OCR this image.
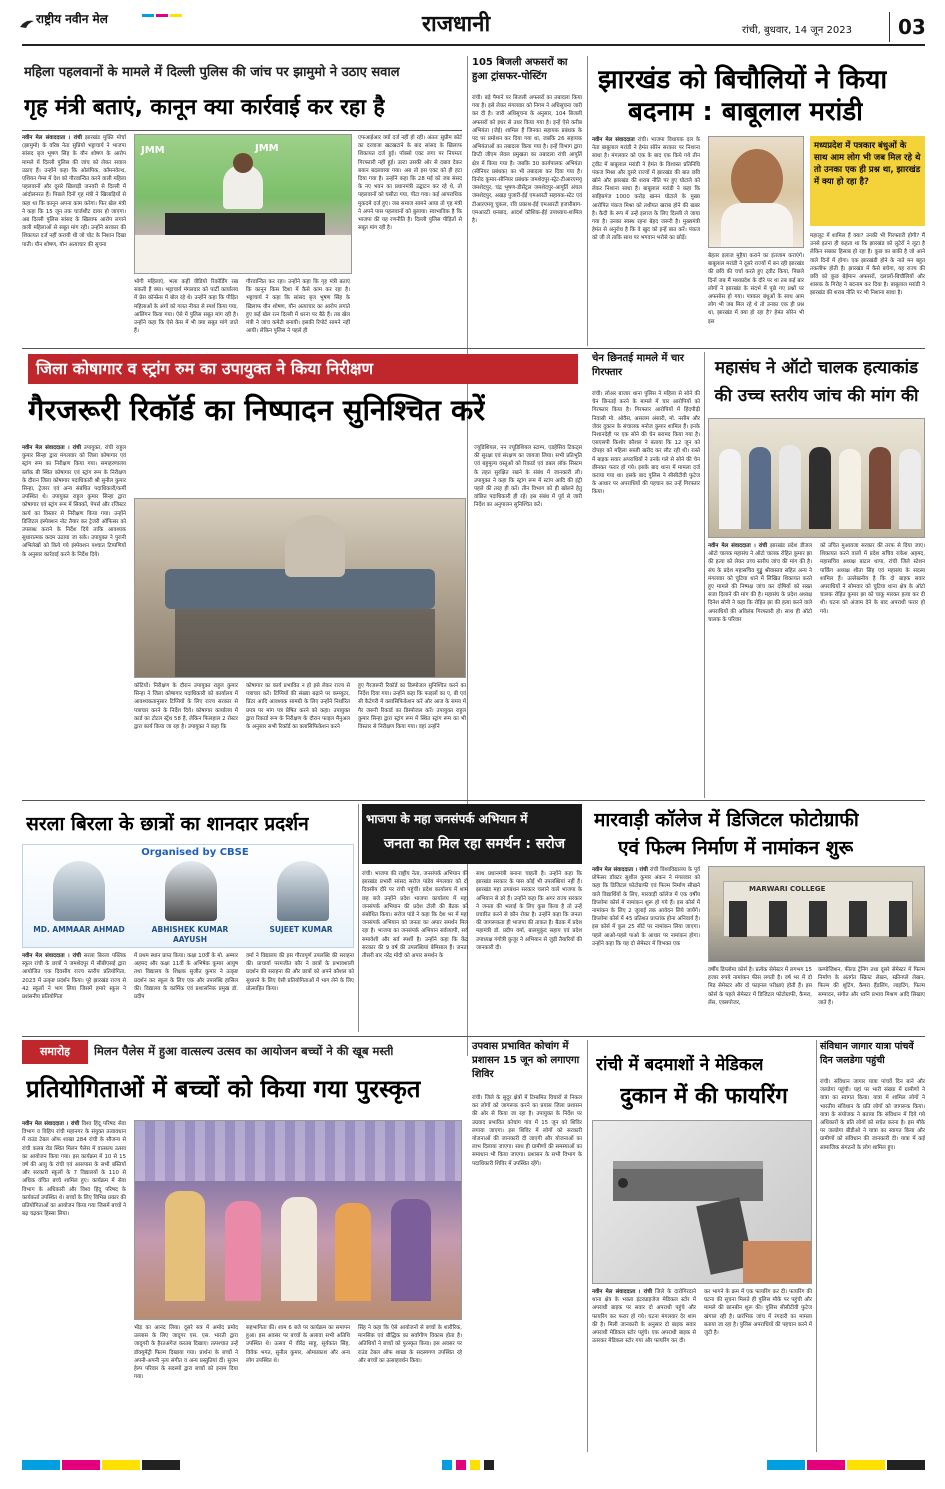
राष्ट्रीय नवीन मेल	राजधानी	रांची, बुधवार, 14 जून 2023 03
महिला पहलवानों के मामले में दिल्ली पुलिस की जांच पर झामुमो ने उठाए सवाल
गृह मंत्री बताएं, कानून क्या कार्रवाई कर रहा है
नवीन मेल संवाददाता । रांची झारखंड मुक्ति मोर्चा (झामुमो) के वरिष्ठ नेता सुप्रियो भट्टाचार्य ने भाजपा सांसद बृज भूषण सिंह के यौन शोषण के आरोप मामले में दिल्ली पुलिस की जांच को लेकर सवाल उठाए हैं। उन्होंने कहा कि ओलंपिक, कॉमनवेल्थ, एशियन गेम्स में देश को गौरवान्वित करने वाली महिला पहलवानों और दूसरे खिलाड़ी जनवरी से दिल्ली में आंदोलनरत हैं। पिछले दिनों गृह मंत्री ने खिलाड़ियों से कहा था कि कानून अपना काम करेगा। फिर खेल मंत्री ने कहा कि 15 जून तक चार्जशीट दायर हो जाएगा। अब दिल्ली पुलिस सांसद के खिलाफ आरोप लगाने वाली महिलाओं से सबूत मांग रही। उन्होंने सरकार की शिकायत दर्ज नहीं करायी थी जो चोट के निशान दिखा पाती। यौन शोषण, यौन अत्याचार की सूचना
JMM	JMM
भोगी महिलाएं, भला कहीं वीडियो रिकॉर्डिंग रख सकती हैं क्या। भट्टाचार्य मंगलवार को पार्टी कार्यालय में प्रेस कॉन्फ्रेंस में बोल रहे थे। उन्होंने कहा कि पीड़ित महिलाओं के अंगों को गलत नीयत से स्पर्श किया गया, आलिंगन किया गया। ऐसे में पुलिस सबूत मांग रही है। उन्होंने कहा कि ऐसे केस में भी क्या सबूत मांगे जाते हैं।
गौरवान्वित कर रहा। उन्होंने कहा कि गृह मंत्री बताएं कि कानून किस दिशा में कैसे काम कर रहा है। भट्टाचार्य ने कहा कि सांसद बृज भूषण सिंह के खिलाफ यौन शोषण, यौन अत्याचार का आरोप लगाते हुए कई खेल रत्न दिल्ली में धरना पर बैठे हैं। तब खेल मंत्री ने जांच कमेटी बनायी। इसकी रिपोर्ट सामने नहीं आयी। लेकिन पुलिस ने पहले ही
एफआईआर क्यों दर्ज नहीं हो रही। अंततः सुप्रीम कोर्ट का दरवाजा खटखटाने के बाद सांसद के खिलाफ शिकायत दर्ज हुई। पॉक्सो एक्ट लगा पर नियमतः गिरफ्तारी नहीं हुई। उल्टा उसकी ओर से दबाव देकर बयान बदलवाया गया। अब तो इस एक्ट को ही हटा दिया गया है। उन्होंने कहा कि 28 मई को जब संसद के नए भवन का प्रधानमंत्री उद्घाटन कर रहे थे, तो पहलवानों को घसीटा गया, पीटा गया। कई आपराधिक मुकदमे दर्ज हुए। जब समाज सामने आया तो गृह मंत्री ने अपने पास पहलवानों को बुलाया। स्वाभाविक है कि भाजपा की यह रणनीति है। दिल्ली पुलिस पीड़ितों से सबूत मांग रही है।
105 बिजली अफसरों का हुआ ट्रांसफर-पोस्टिंग
रांची। बड़े पैमाने पर बिजली अफसरों का तबादला किया गया है। इसे लेकर मंगलवार को निगम ने अधिसूचना जारी कर दी है। जारी अधिसूचना के अनुसार, 104 बिजली अफसरों को इधर से उधर किया गया है। इन्हें ऐसे करीब अभियंता (जेई) शामिल हैं जिनका सहायक प्रबंधक के पद पर प्रमोशन कर दिया गया था, जबकि 26 सहायक अभियंताओं का तबादला किया गया है। इन्हें विभाग द्वारा डिप्टी जीएम लेवल प्रमुखता का तबादला रांची आपूर्ति क्षेत्र में किया गया है। जबकि 30 कार्यपालक अभियंता (सीनियर प्रबंधक) का भी तबादला कर दिया गया है। विनोद कुमार-सीनियर प्रबंधक जमशेदपुर-स्ट्रेट-टीआरएमयू जमशेदपुर, चंद्र भूषण-डीसेंट्रल जमशेदपुर-आपूर्ति अंचल जमशेदपुर, अखड़ पुजारी-ईई एमआरटी सहायक-स्टेट एवं टीआरएमयू चुकल, रवि प्रकाश-ईई एमआरटी हजारीबाग-एमआरटी धनबाद, आदर्श कौशिक-ईई उपाध्याय-शामिल है।
झारखंड को बिचौलियों ने किया
बदनाम : बाबूलाल मरांडी
नवीन मेल संवाददाता रांची। भाजपा विधायक दल के नेता बाबूलाल मरांडी ने हेमंत सोरेन सरकार पर निशाना साधा है। मंगलवार को एक के बाद एक किये गये तीन ट्वीट में बाबूलाल मरांडी ने हेमंत के विश्वस्त प्रतिनिधि पंकज मिश्रा और दूसरे राज्यों में झारखंड की बात छवि खोने और झारखंड की शराब नीति पर हुए घोटाले को लेकर निशाना साधा है। बाबूलाल मरांडी ने कहा कि साहिबगंज 1000 करोड़ खनन घोटाले के मुख्य आरोपित पंकज मिश्रा को तथीयत खराब होने की खबर है। कैदी के रूप में उन्हें इलाज के लिए दिल्ली ले जाया गया है। उनका स्वस्थ रहना बेहद जरूरी है। मुख्यमंत्री हेमंत से अनुरोध है कि वे खुद को इन्हें बात करें। पंकज को जी ले ताकि साथ पर भगवान भरोसे का छोड़ें।
मध्यप्रदेश में पत्रकार बंधुओं के साथ आम लोग भी जब मिल रहे थे तो उनका एक ही प्रश्न था, झारखंड में क्या हो रहा है?
बेहतर इलाज मुहैया कराने का इंतजाम कराएंगे। बाबूलाल मरांडी ने दूसरे राज्यों में बन रही झारखंड की छवि की चर्चा करते हुए ट्वीट किया, पिछले दिनों जब मैं मध्यप्रदेश के दौरे पर था तब कई बार लोगों ने झारखंड के संदर्भ में पूछे गए प्रश्नों पर अफसोस हो गया। पत्रकार बंधुओं के साथ आम लोग भी जब मिल रहे थे तो उनका एक ही प्रश्न था, झारखंड में क्या हो रहा है? हेमंत सोरेन भी इस
महालूट में शामिल हैं क्या? उनकी भी गिरफ्तारी होगी? मैं उनसे इतना ही कहता था कि झारखंड को लुटेरों ने लूटा है लेकिन सबका हिसाब हो रहा है। कुछ का बाकी है जो आने वाले दिनों में होगा। एक झारखंडी होने के नाते मन बहुत तकलीफ होती है। झारखंड में कैसे बचेगा, यह राज्य की छवि को कुछ बेईमान अफसरों, दलालों-बिचौलियों और शासक के गिरोह ने बदनाम कर दिया है। बाबूलाल मरांडी ने झारखंड की शराब नीति पर भी निशाना साधा है।
जिला कोषागार व स्ट्रांग रुम का उपायुक्त ने किया निरीक्षण
गैरजरूरी रिकॉर्ड का निष्पादन सुनिश्चित करें
नवीन मेल संवाददाता । रांची उपायुक्त, रांची राहुल कुमार सिन्हा द्वारा मंगलवार को जिला कोषागार एवं स्ट्रांग रूम का निरीक्षण किया गया। समाहरणालय ब्लॉक बी स्थित कोषागार एवं स्ट्रांग रूम के निरीक्षण के दौरान जिला कोषागार पदाधिकारी श्री सुनील कुमार सिन्हा, ट्रेजरर एवं अन्य संबंधित पदाधिकारी/कर्मी उपस्थित थे। उपायुक्त राहुल कुमार सिन्हा द्वारा कोषागार एवं स्ट्रांग रूम में सिक्कों, पेपर्स और रजिस्टर कार्य का विस्तार से निरीक्षण किया गया। उन्होंने डिजिटल इंस्पेक्शन नोट तैयार कर ट्रेजरी ऑफिसर को उपलब्ध कराने के निर्देश दिये ताकि आवश्यक सुधारात्मक कदम उठाया जा सके। उपायुक्त ने पुरानी अभिलेखों को किये गये इंस्पेक्शन पश्चात टिप्पणियों के अनुसार कार्रवाई करने के निर्देश दिये।
कोटियों। निरीक्षण के दौरान उपायुक्त राहुल कुमार सिन्हा ने जिला कोषागार पदाधिकारी को कार्यालय में आवश्यकतानुसार टिप्पियों के लिए राज्य सरकार से पत्राचार करने के निर्देश दिये। कोषागार कार्यालय में कार्ड का टोटल स्ट्रेंथ 58 है, लेकिन फिलहाल 2 रोस्टर द्वारा कार्य किया जा रहा है। उपायुक्त ने कहा कि
कोषागार का कार्य प्रभावित न हो इसे लेकर राज्य से पत्राचार करें। टिप्पियों की संख्या बढ़ाने पर कम्प्यूटर, प्रिंटर आदि आवश्यक सामग्री के लिए उन्होंने निर्धारित प्रपत्र पर मांग पत्र प्रेषित करने को कहा। उपायुक्त द्वारा रिकार्ड रूम के निरीक्षण के दौरान फाइल मैनुअल के अनुसार सभी रिकॉर्ड का क्लासिफिकेशन करने
हुए गैरजरूरी रिकॉर्ड का डिस्पोजल सुनिश्चित करने का निर्देश दिया गया। उन्होंने कहा कि फाइलों का ए, बी एवं सी कैटेगरी में क्लासिफिकेशन करें और आज के समय में गैर जरूरी रिकार्ड का डिस्पोजल करें। उपायुक्त राहुल कुमार सिन्हा द्वारा स्ट्रांग रूम में स्थित स्ट्रांग रूम का भी विस्तार से निरीक्षण किया गया। वहां उन्होंने
ज्यूडिशियल, नन ज्यूडिशियल स्टाम्प, एडहेसिव टिकट्स की सुरक्षा एवं संरक्षण का जायजा लिया। सभी प्रतिभूति एवं बहुमूल्य वस्तुओं को रिकार्ड एवं डबल लॉक सिस्टम के तहत सुरक्षित रखने के संबंध में जानकारी ली। उपायुक्त ने कहा कि स्ट्रांग रूम में स्टांप आदि की इंट्री पहले की तरह ही करें। तीन विभाग को ही खोलने हेतु वांछित पदाधिकारी ही रहें। इस संबंध में पूर्व से जारी निर्देश का अनुपालन सुनिश्चित करें।
चेन छिनतई मामले में चार गिरफ्तार
रांची। लोअर बाजार थाना पुलिस ने महिला से सोने की चेन छिनतई करने के मामले में चार आरोपियों को गिरफ्तार किया है। गिरफ्तार आरोपियों में हिंदपीढ़ी निवासी मो. ओवैस, असलम अंसारी, मो. नसीम और जेवर दुकान के संचालक मनोज कुमार शामिल हैं। इनके निशानदेही पर एक सोने की चेन बरामद किया गया है। एसएसपी किशोर कौशल ने बताया कि 12 जून को दोपहर को महिला सब्जी खरीद कर लौट रही थी। रास्ते में बाइक सवार अपराधियों ने उनके गले से सोने की चेन छीनकर फरार हो गये। इसके बाद थाना में मामला दर्ज कराया गया था। इसके बाद पुलिस ने सीसीटीवी फुटेज के आधार पर अपराधियों की पहचान कर उन्हें गिरफ्तार किया।
महासंघ ने ऑटो चालक हत्याकांड की उच्च स्तरीय जांच की मांग की
नवीन मेल संवाददाता । रांची झारखंड प्रदेश डीजल ऑटो चालक महासंघ ने ऑटो चालक रोहित कुमार झा की हत्या को लेकर उच्च स्तरीय जांच की मांग की है। संघ के प्रदेश महासचिव गुड्डु श्रीवास्तव सहित अन्य ने मंगलवार को चुटिया थाने में लिखित शिकायत करते हुए मामले की निष्पक्ष जांच कर दोषियों को सख्त सजा दिलाने की मांग की है। महासंघ के प्रदेश अध्यक्ष दिनेश सोनी ने कहा कि रोहित झा की हत्या करने वाले अपराधियों की अविलंब गिरफ्तारी हो। साथ ही ऑटो चालक के परिवार
को उचित मुआवजा सरकार की तरफ से दिया जाए। शिकायत करने वालों में प्रदेश सचिव राकेश अहमद, महासचिव अध्यक्ष बाटल थापा, रांची जिले स्टेशन पार्किंग अध्यक्ष शीता सिंह एवं महासंघ के सदस्य शामिल हैं। उल्लेखनीय है कि दो बाइक सवार अपराधियों ने सोमवार को चुटिया थाना क्षेत्र के ऑटो चालक रोहित कुमार झा को चाकू मारकर हत्या कर दी थी। घटना को अंजाम देने के बाद अपराधी फरार हो गये।
सरला बिरला के छात्रों का शानदार प्रदर्शन
Organised by CBSE
MD. AMMAAR AHMAD	ABHISHEK KUMAR AAYUSH
SUJEET KUMAR
नवीन मेल संवाददाता । रांची सरला बिरला पब्लिक स्कूल रांची के छात्रों ने जमशेदपुर में सीबीएसई द्वारा आयोजित एक दिवसीय राज्य स्तरीय प्रतियोगिता, 2023 में उत्कृष्ट प्रदर्शन किया। पूरे झारखंड राज्य से 42 स्कूलों ने भाग लिया जिसमें हमारे स्कूल ने प्रशंसनीय प्रतियोगिता
में प्रथम स्थान प्राप्त किया। कक्षा 10वीं के मो. अम्मार अहमद और कक्षा 11वीं के अभिषेक कुमार आयुष तथा विद्यालय के शिक्षक सुजीत कुमार ने उत्कृष्ट प्रदर्शन कर स्कूल के लिए एक और उपलब्धि हासिल की। विद्यालय के कार्मिक एवं प्रशासनिक प्रमुख डॉ. प्रदीप
वर्मा ने विद्यालय की इस गौरवपूर्ण उपलब्धि की सराहना की। प्राचार्या परमजीत कौर ने छात्रों के प्रभावशाली प्रदर्शन की सराहना की और छात्रों को अपने कौशल को सुधारने के लिए ऐसी प्रतियोगिताओं में भाग लेने के लिए प्रोत्साहित किया।
भाजपा के महा जनसंपर्क अभियान में
जनता का मिल रहा समर्थन : सरोज
रांची। भाजपा की राष्ट्रीय नेता, जनसंपर्क अभियान की झारखंड प्रभारी सांसद सरोज पांडेय मंगलवार को दो दिवसीय दौरे पर रांची पहुंचीं। प्रदेश कार्यालय में शाम छह बजे उन्होंने प्रदेश भाजपा कार्यालय में महा जनसंपर्क अभियान की प्रदेश टोली की बैठक को संबोधित किया। सरोज पांडे ने कहा कि देश भर में महा जनसंपर्क अभियान को जनता का अपार समर्थन मिल रहा है। भाजपा का जनसंपर्क अभियान सर्वव्यापी, सर्व समावेशी और सर्व स्पर्शी है। उन्होंने कहा कि केंद्र सरकार की 9 वर्ष की उपलब्धियां बेमिसाल हैं। जनता तीसरी बार नरेंद्र मोदी को अपार समर्थन के
साथ प्रधानमंत्री बनाना चाहती है। उन्होंने कहा कि झारखंड सरकार के पास कोई भी उपलब्धियां नहीं हैं। झारखंड महा ठगबंधन सरकार चलाने वाले भाजपा के अभियान से डरे हैं। उन्होंने कहा कि अगर राज्य सरकार ने जनता की भलाई के लिए कुछ किया है तो उन्हें प्रचारित करने से कौन रोका है। उन्होंने कहा कि जनता की जागरूकता ही भाजपा की ताकत है। बैठक में प्रदेश महामंत्री डॉ. प्रदीप वर्मा, बालमुकुंद सहाय एवं प्रदेश उपाध्यक्ष गंगोत्री कुजूर ने अभियान से जुड़ी तैयारियों की जानकारी दी।
मारवाड़ी कॉलेज में डिजिटल फोटोग्राफी
एवं फिल्म निर्माण में नामांकन शुरू
नवीन मेल संवाददाता । रांची रांची विश्वविद्यालय के पूर्व प्रोफेसर डॉक्टर सुशील कुमार अंकन ने मंगलवार को कहा कि डिजिटल फोटोग्राफी एवं फिल्म निर्माण सीखने वाले विद्यार्थियों के लिए, मारवाड़ी कॉलेज में एक वर्षीय डिप्लोमा कोर्स में नामांकन शुरू हो गये हैं। इस कोर्स में नामांकन के लिए 2 जुलाई तक आवेदन लिये जायेंगे। डिप्लोमा कोर्स में 45 प्रतिशत प्राप्तांक होना अनिवार्य है। इस कोर्स में कुल 25 सीटें पर नामांकन लिया जाएगा। पहले आओ-पहले पाओ के आधार पर नामांकन होगा। उन्होंने कहा कि यह दो सेमेस्टर में विभक्त एक
MARWARI COLLEGE
वर्षीय डिप्लोमा कोर्स है। प्रत्येक सेमेस्टर में लगभग 15 हजार रुपये नामांकन फीस लगती है। वर्ष भर में दो मिड सेमेस्टर और दो फाइनल परीक्षाएं होती हैं। इस कोर्स के पहले सेमेस्टर में डिजिटल फोटोग्राफी, कैमरा, लेंस, एक्सपोजर,
कम्पोजिशन, फील्ड ट्रेनिंग तथा दूसरे सेमेस्टर में फिल्म निर्माण के अंतर्गत स्क्रिप्ट लेखन, स्क्रीनप्ले लेखन, फिल्म की शूटिंग, कैमरा हैंडलिंग, लाइटिंग, फिल्म सम्पादन, संगीत और ध्वनि प्रभाव मिश्रण आदि सिखाए जाते हैं।
समारोह	मिलन पैलेस में हुआ वात्सल्य उत्सव का आयोजन बच्चों ने की खूब मस्ती
प्रतियोगिताओं में बच्चों को किया गया पुरस्कृत
नवीन मेल संवाददाता । रांची विश्व हिंदू परिषद सेवा विभाग व विहिप रांची महानगर के संयुक्त तत्वावधान में राउंड टेबल ऑफ शाखा 284 रांची के सौजन्य से रांची कलब रोड स्थित मिलन पैलेस में वात्सल्य उत्सव का आयोजन किया गया। इस कार्यक्रम में 10 से 15 वर्ष की आयु के रांची एवं आसपास के सभी बस्तियों और सरकारी स्कूलों के 7 विद्यालयों के 110 से अधिक वंचित बच्चे शामिल हुए। कार्यक्रम में सेवा विभाग के अधिकारी और विश्व हिंदू परिषद के कार्यकर्ता उपस्थित थे। बच्चों के लिए विभिन्न प्रकार की प्रतियोगिताओं का आयोजन किया गया जिसमें बच्चों ने बढ़ चढ़कर हिस्सा लिया।
भीड़ का आनंद लिया। दूसरे सत्र में अमोद प्रमोद उल्लास के लिए जादूगर एस. एस. भारती द्वारा जादूगरी के हैरतअंगेज करतब दिखाए। तत्पश्चात उन्हें डॉक्यूमेंट्री फिल्म दिखाया गया। प्रार्थना के बच्चों ने अपनी-अपनी नृत्य संगीत व अन्य प्रस्तुतियां दीं। सुजन हेल्प परिवार के सदस्यों द्वारा बच्चों को इनाम दिया गया।
सहभागिता की। शाम 6 बजे पर कार्यक्रम का समापन हुआ। इस अवसर पर बच्चों के अलावा सभी अतिथि उपस्थित थे। उत्सव में वीरेंद्र साहू, सूर्यकांत सिंह, विवेक भगत, सुनील कुमार, ओमप्रकाश और अन्य लोग उपस्थित थे।
सिंह ने कहा कि ऐसे आयोजनों से बच्चों के शारीरिक, मानसिक एवं बौद्धिक का सर्वांगीण विकास होता है। अतिथियों ने बच्चों को पुरस्कृत किया। इस अवसर पर राउंड टेबल ऑफ शाखा के सदस्यगण उपस्थित रहे और बच्चों का उत्साहवर्धन किया।
उपवास प्रभावित कोचांग में प्रशासन 15 जून को लगाएगा शिविर
रांची। जिले के सुदूर क्षेत्रों में टिम्बमित विचारों से निकल कर लोगों को जागरूक करने का प्रयास जिला प्रशासन की ओर से किया जा रहा है। उपायुक्त के निर्देश पर उग्रवाद प्रभावित कोचांग गांव में 15 जून को शिविर लगाया जाएगा। इस शिविर में लोगों को सरकारी योजनाओं की जानकारी दी जाएगी और योजनाओं का लाभ दिलाया जाएगा। साथ ही ग्रामीणों की समस्याओं का समाधान भी किया जाएगा। प्रशासन के सभी विभाग के पदाधिकारी शिविर में उपस्थित रहेंगे।
रांची में बदमाशों ने मेडिकल
दुकान में की फायरिंग
नवीन मेल संवाददाता । रांची जिले के दारोगिरदाने थाना क्षेत्र के भक्ता इंटरप्राइजेज मेडिकल स्टोर में अपराधी बाइक पर सवार दो अपराधी पहुंचे और फायरिंग कर फरार हो गये। घटना मंगलवार देर शाम की है। मिली जानकारी के अनुसार दो बाइक सवार अपराधी मेडिकल स्टोर पहुंचे। एक अपराधी बाइक से उतरकर मेडिकल स्टोर गया और फायरिंग कर दी।
कर भागने के क्रम में एक फायरिंग कर दी। फायरिंग की घटना की सूचना मिलते ही पुलिस मौके पर पहुंची और मामले की छानबीन शुरू की। पुलिस सीसीटीवी फुटेज खंगाल रही है। प्रारंभिक जांच में रंगदारी का मामला बताया जा रहा है। पुलिस अपराधियों की पहचान करने में जुटी है।
संविधान जागार यात्रा पांचवें दिन जलडेगा पहुंची
रांची। संविधान जागार यात्रा पांचवें दिन बाने और जलडेगा पहुंची। यहां पर भारी संख्या में ग्रामीणों ने यात्रा का स्वागत किया। यात्रा में शामिल लोगों ने भारतीय संविधान के प्रति लोगों को जागरूक किया। यात्रा के संयोजक ने बताया कि संविधान में दिये गये अधिकारों के प्रति लोगों को सचेत करना है। इस मौके पर जलडेगा बीडीओ ने यात्रा का स्वागत किया और ग्रामीणों को संविधान की जानकारी दी। यात्रा में कई सामाजिक संगठनों के लोग शामिल हुए।
